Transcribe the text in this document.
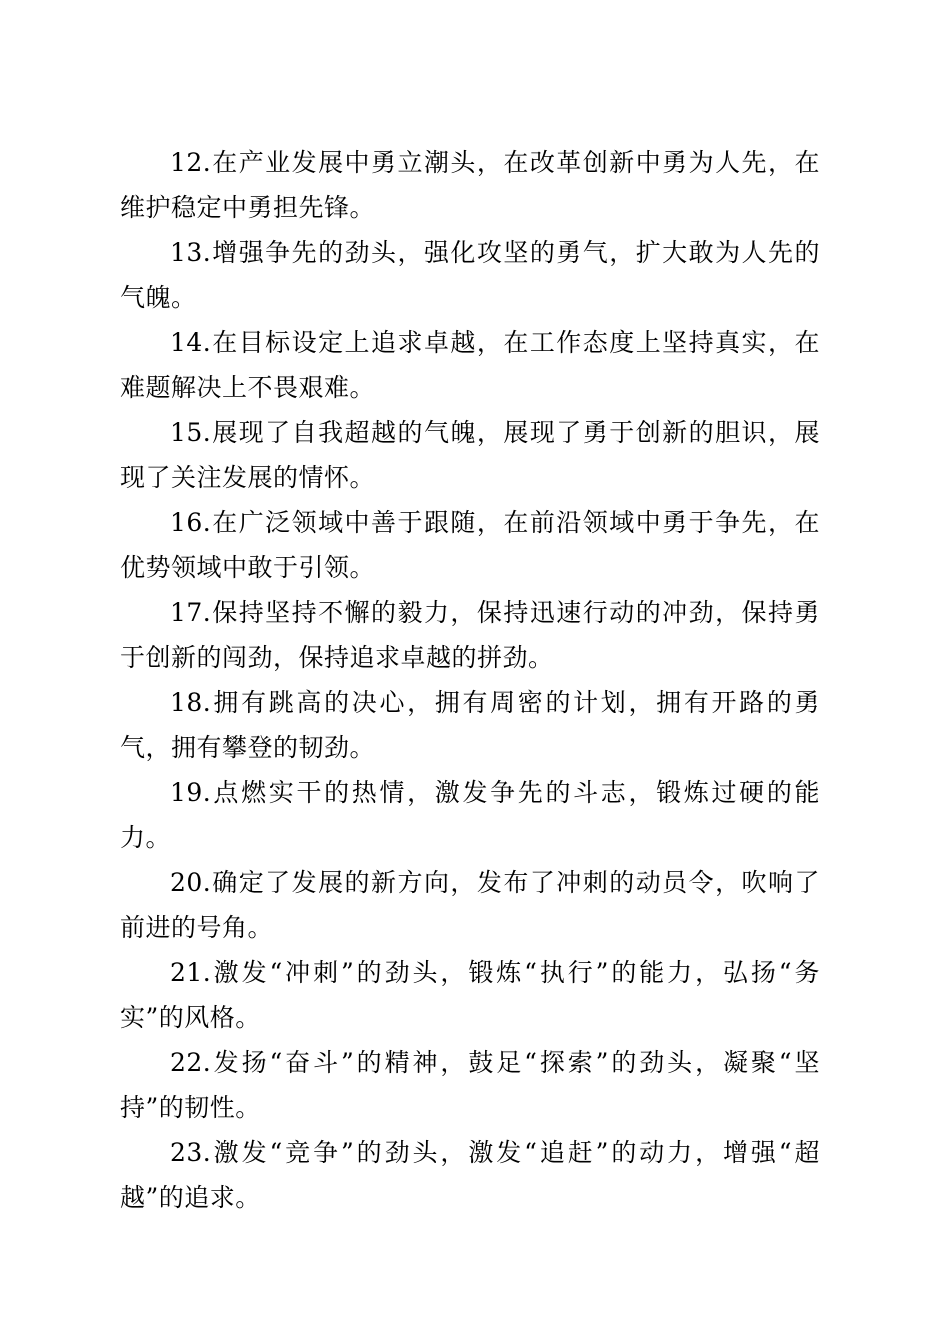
12.在产业发展中勇立潮头，在改革创新中勇为人先，在维护稳定中勇担先锋。

13.增强争先的劲头，强化攻坚的勇气，扩大敢为人先的气魄。

14.在目标设定上追求卓越，在工作态度上坚持真实，在难题解决上不畏艰难。

15.展现了自我超越的气魄，展现了勇于创新的胆识，展现了关注发展的情怀。

16.在广泛领域中善于跟随，在前沿领域中勇于争先，在优势领域中敢于引领。

17.保持坚持不懈的毅力，保持迅速行动的冲劲，保持勇于创新的闯劲，保持追求卓越的拼劲。

18.拥有跳高的决心，拥有周密的计划，拥有开路的勇气，拥有攀登的韧劲。

19.点燃实干的热情，激发争先的斗志，锻炼过硬的能力。

20.确定了发展的新方向，发布了冲刺的动员令，吹响了前进的号角。

21.激发“冲刺”的劲头，锻炼“执行”的能力，弘扬“务实”的风格。

22.发扬“奋斗”的精神，鼓足“探索”的劲头，凝聚“坚持”的韧性。

23.激发“竞争”的劲头，激发“追赶”的动力，增强“超越”的追求。
